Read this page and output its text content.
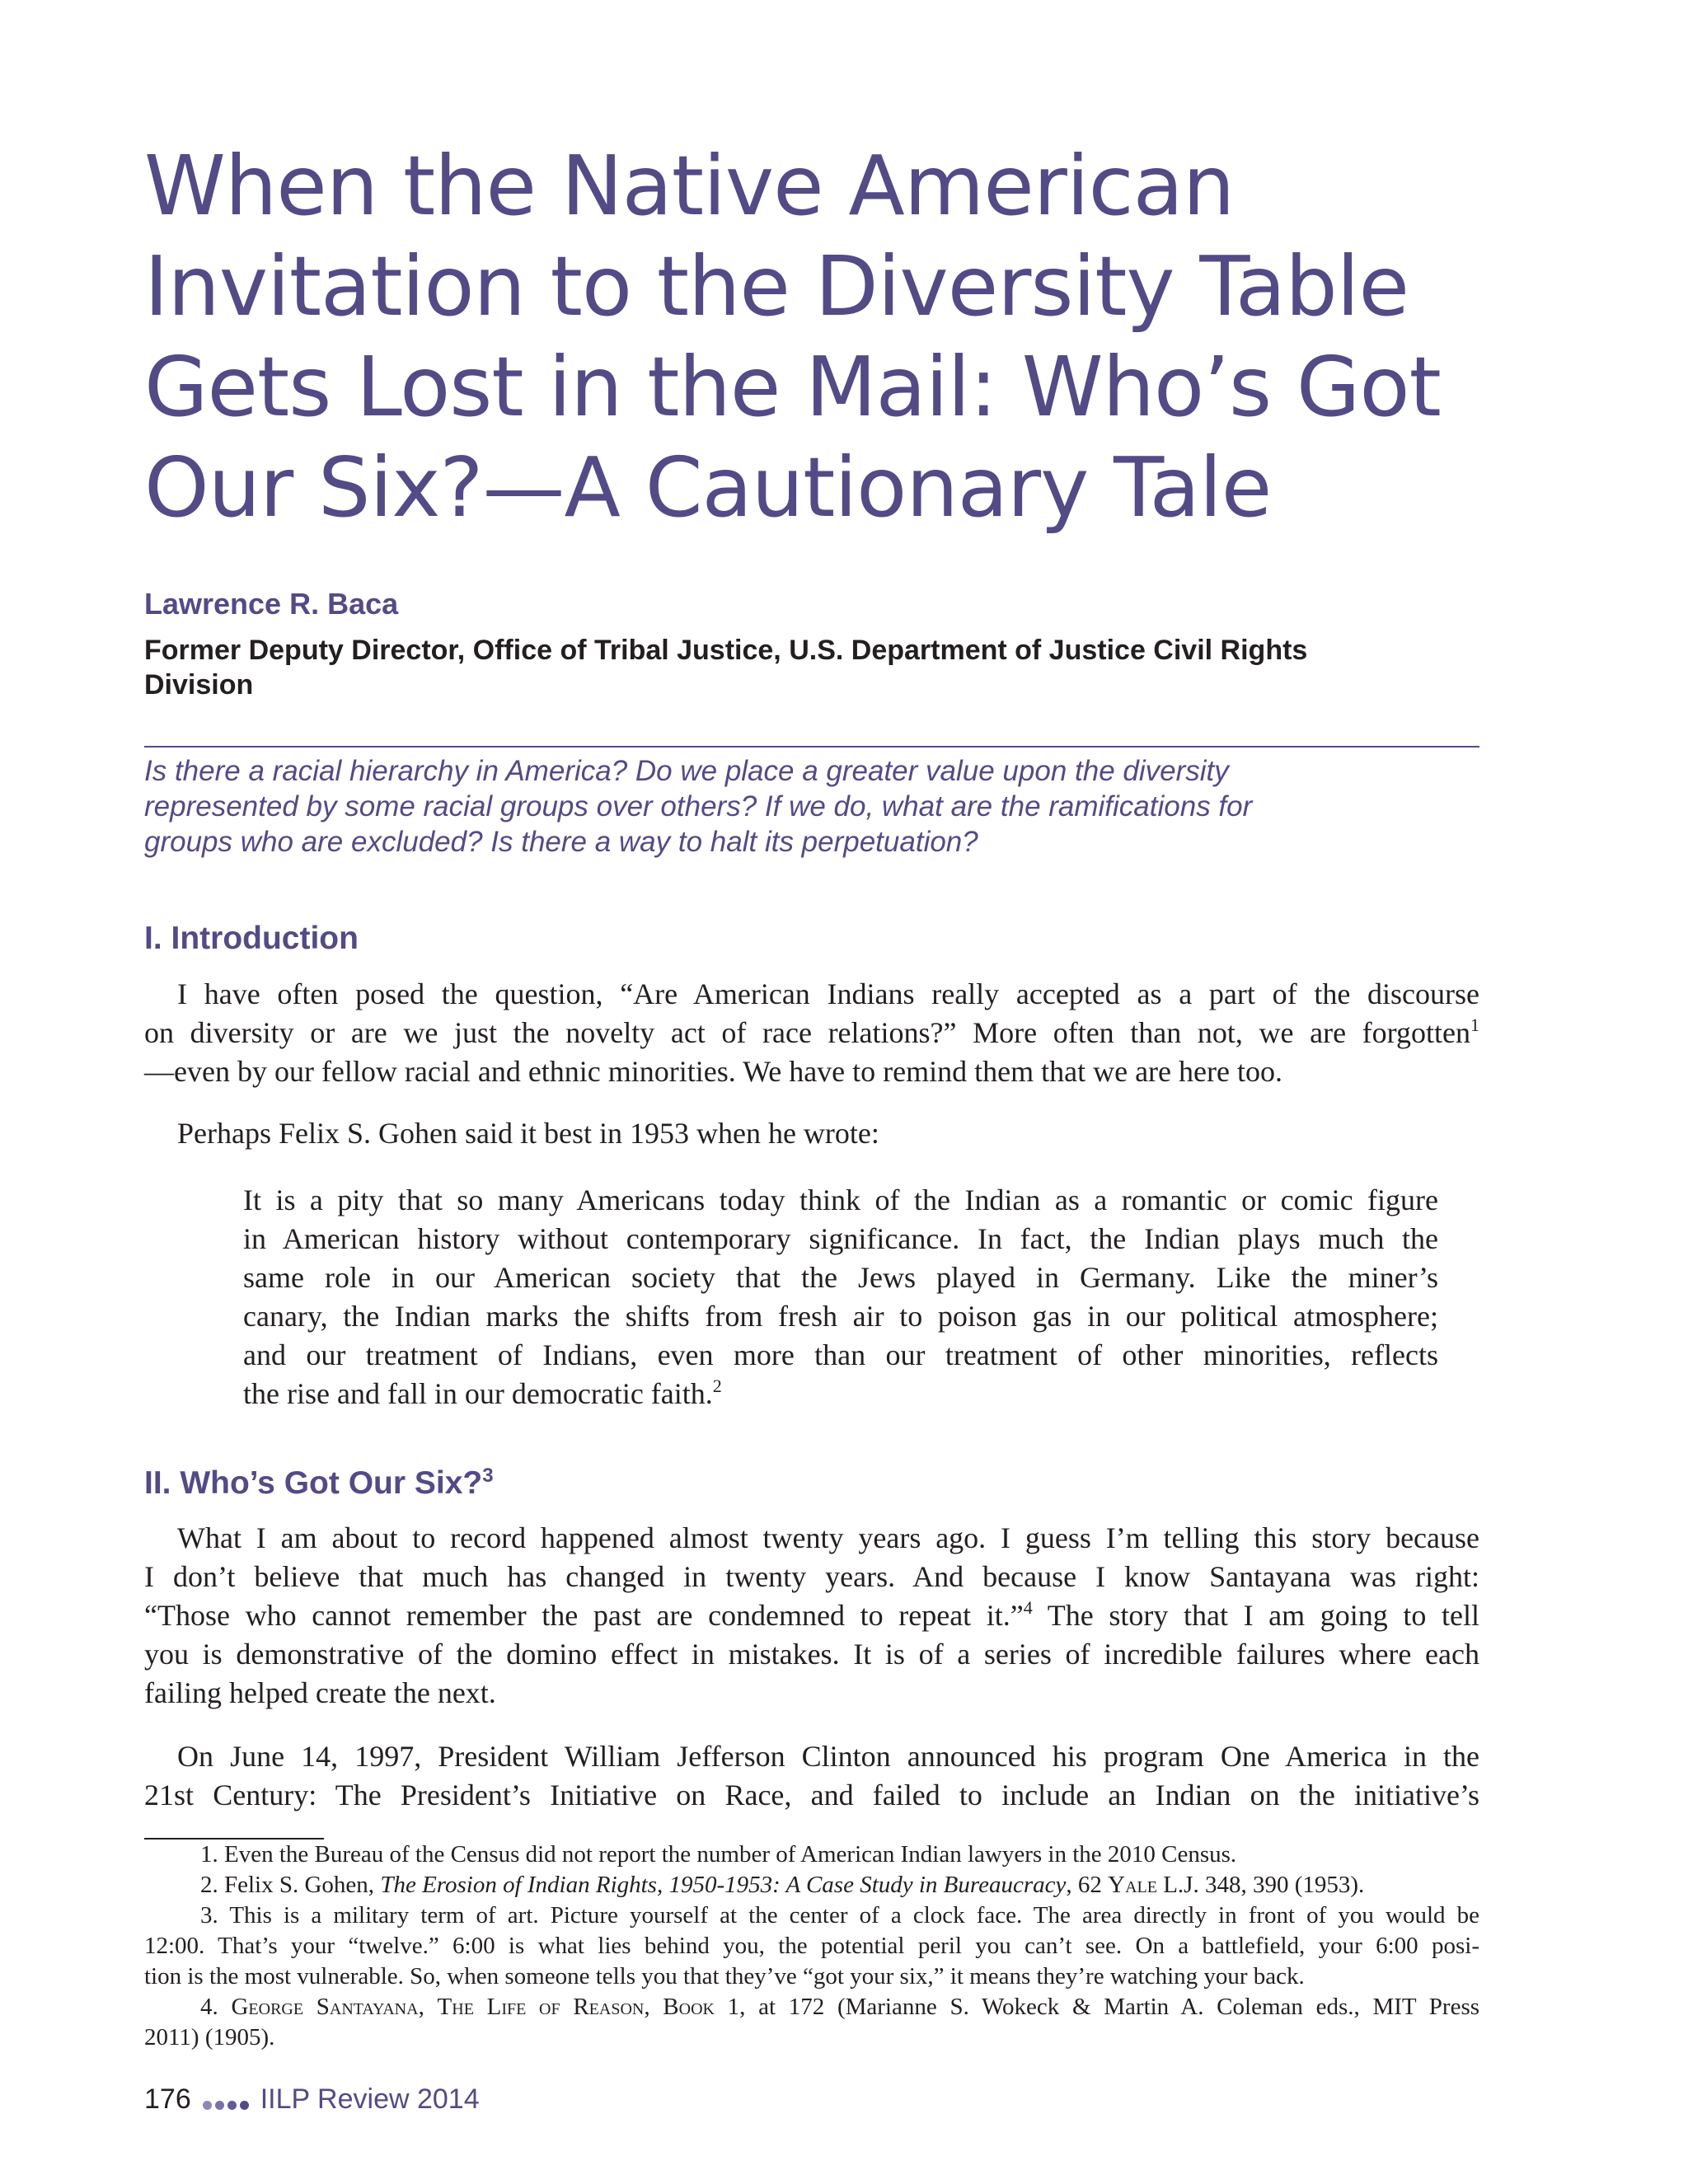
When the Native American
Invitation to the Diversity Table
Gets Lost in the Mail: Who’s Got
Our Six?—A Cautionary Tale
Lawrence R. Baca
Former Deputy Director, Office of Tribal Justice, U.S. Department of Justice Civil Rights
Division
Is there a racial hierarchy in America? Do we place a greater value upon the diversity
represented by some racial groups over others? If we do, what are the ramifications for
groups who are excluded? Is there a way to halt its perpetuation?
I. Introduction
I have often posed the question, “Are American Indians really accepted as a part of the discourse
on diversity or are we just the novelty act of race relations?” More often than not, we are forgotten$^1$
—even by our fellow racial and ethnic minorities. We have to remind them that we are here too.
Perhaps Felix S. Gohen said it best in 1953 when he wrote:
It is a pity that so many Americans today think of the Indian as a romantic or comic figure
in American history without contemporary significance. In fact, the Indian plays much the
same role in our American society that the Jews played in Germany. Like the miner’s
canary, the Indian marks the shifts from fresh air to poison gas in our political atmosphere;
and our treatment of Indians, even more than our treatment of other minorities, reflects
the rise and fall in our democratic faith.$^2$
II. Who’s Got Our Six?$^3$
What I am about to record happened almost twenty years ago. I guess I’m telling this story because
I don’t believe that much has changed in twenty years. And because I know Santayana was right:
“Those who cannot remember the past are condemned to repeat it.”$^4$ The story that I am going to tell
you is demonstrative of the domino effect in mistakes. It is of a series of incredible failures where each
failing helped create the next.
On June 14, 1997, President William Jefferson Clinton announced his program One America in the
21st Century: The President’s Initiative on Race, and failed to include an Indian on the initiative’s
1. Even the Bureau of the Census did not report the number of American Indian lawyers in the 2010 Census.
2. Felix S. Gohen, The Erosion of Indian Rights, 1950-1953: A Case Study in Bureaucracy, 62 Yale L.J. 348, 390 (1953).
3. This is a military term of art. Picture yourself at the center of a clock face. The area directly in front of you would be
12:00. That’s your “twelve.” 6:00 is what lies behind you, the potential peril you can’t see. On a battlefield, your 6:00 posi-
tion is the most vulnerable. So, when someone tells you that they’ve “got your six,” it means they’re watching your back.
4. George Santayana, The Life of Reason, Book 1, at 172 (Marianne S. Wokeck & Martin A. Coleman eds., MIT Press
2011) (1905).
176 IILP Review 2014
